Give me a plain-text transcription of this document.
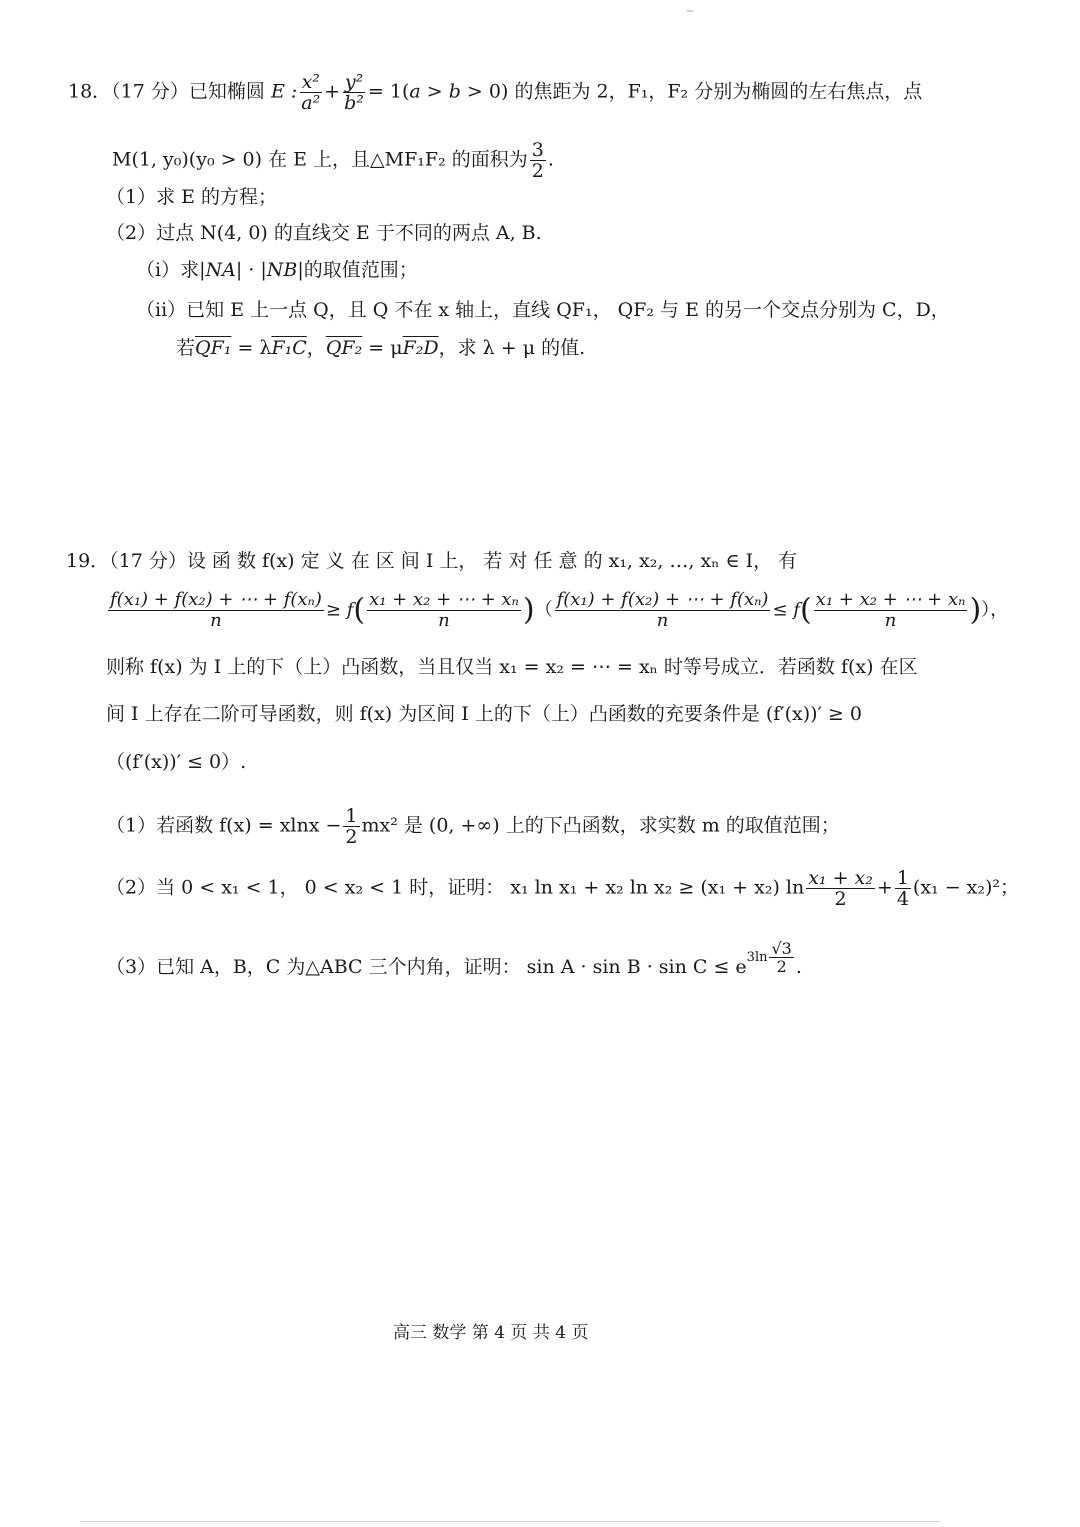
18．（17 分）已知椭圆 E : $\frac{\text{x²}}{\text{a²}} + \frac{\text{y²}}{\text{b²}} = 1(a > b > 0)$ 的焦距为 2，F₁，F₂ 分别为椭圆的左右焦点，点
M(1, y₀)(y₀ > 0) 在 E 上，且△MF₁F₂ 的面积为 $\frac{3}{2}$ .
（1）求 E 的方程；
（2）过点 N(4, 0) 的直线交 E 于不同的两点 A, B.
（i）求|NA| · |NB|的取值范围；
（ii）已知 E 上一点 Q，且 Q 不在 x 轴上，直线 QF₁， QF₂ 与 E 的另一个交点分别为 C，D，
若QF₁ = λF₁C，QF₂ = μF₂D，求 λ + μ 的值.
19．（17 分）设 函 数 f(x) 定 义 在 区 间 I 上， 若 对 任 意 的 x₁, x₂, …, xₙ ∈ I， 有
$\frac{\text{f(x₁) + f(x₂) + ⋯ + f(xₙ)}}{n} \ge f( \frac{\text{x₁ + x₂ + ⋯ + xₙ}}{n}$ )（ $\frac{\text{f(x₁) + f(x₂) + ⋯ + f(xₙ)}}{n} \le f( \frac{\text{x₁ + x₂ + ⋯ + xₙ}}{n}$ )），
则称 f(x) 为 I 上的下（上）凸函数，当且仅当 x₁ = x₂ = ⋯ = xₙ 时等号成立．若函数 f(x) 在区
间 I 上存在二阶可导函数，则 f(x) 为区间 I 上的下（上）凸函数的充要条件是 (f′(x))′ ≥ 0
（(f′(x))′ ≤ 0）.
（1）若函数 $f(x) = xlnx - \frac{1}{2} mx^2$ 是 (0, +∞) 上的下凸函数，求实数 m 的取值范围；
（2）当 0 < x₁ < 1， 0 < x₂ < 1 时，证明： x₁ ln x₁ + x₂ ln x₂ ≥ (x₁ + x₂) $\ln \frac{\text{x₁ + x₂}}{2} + \frac{1}{4} (x_1 - x_2)^2$；
（3）已知 A，B，C 为△ABC 三个内角，证明： $\sin A \cdot \sin B \cdot \sin C \le e^{3ln \frac{√3}{2}}$ .
高三 数学 第 4 页 共 4 页
